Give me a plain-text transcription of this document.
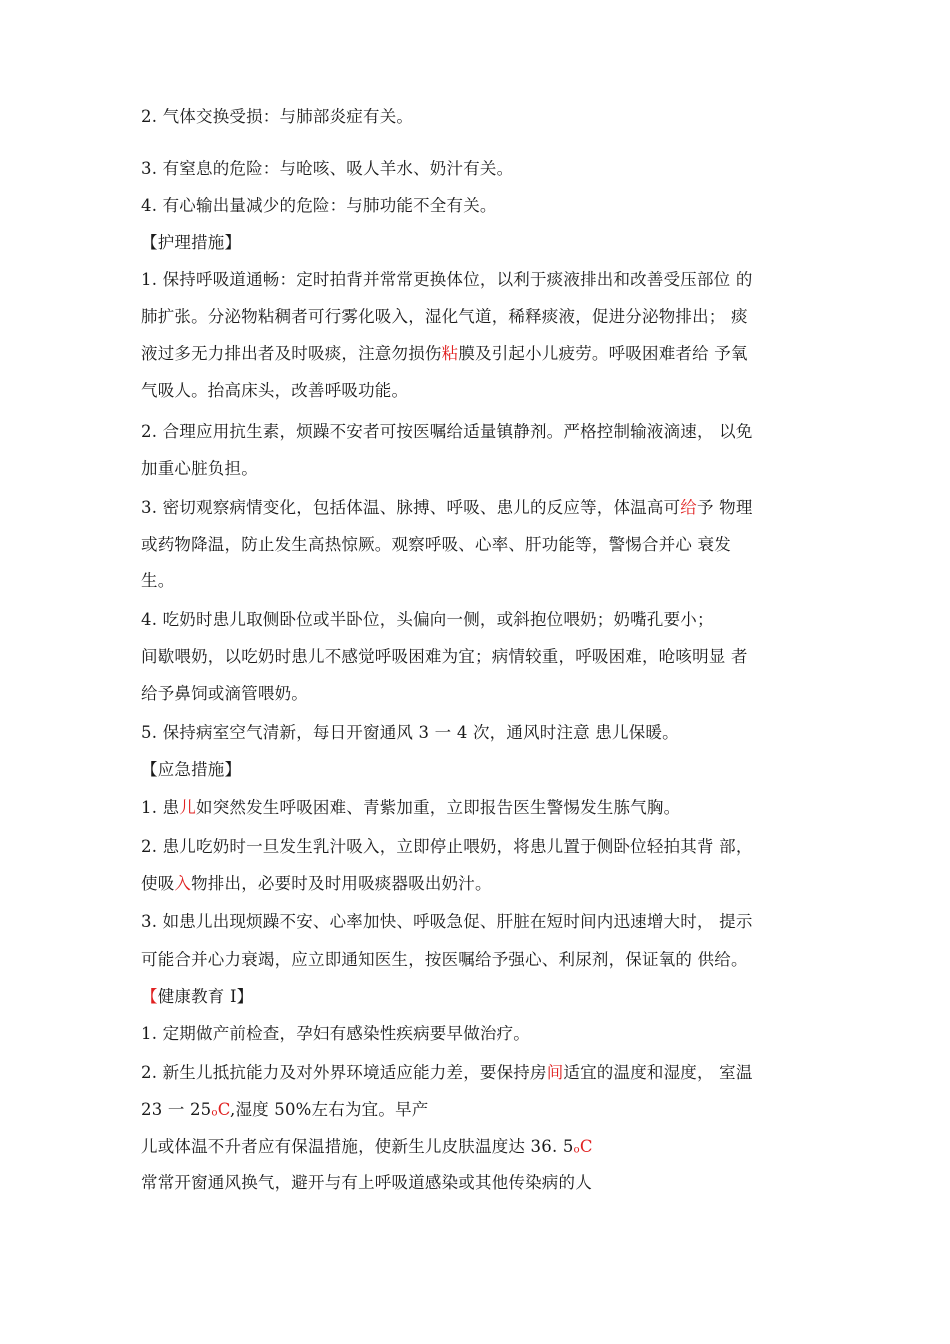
2. 气体交换受损：与肺部炎症有关。
3. 有窒息的危险：与呛咳、吸人羊水、奶汁有关。
4. 有心输出量减少的危险：与肺功能不全有关。
【护理措施】
1. 保持呼吸道通畅：定时拍背并常常更换体位，以利于痰液排出和改善受压部位 的
肺扩张。分泌物粘稠者可行雾化吸入，湿化气道，稀释痰液，促进分泌物排出； 痰
液过多无力排出者及时吸痰，注意勿损伤粘膜及引起小儿疲劳。呼吸困难者给 予氧
气吸人。抬高床头，改善呼吸功能。
2. 合理应用抗生素，烦躁不安者可按医嘱给适量镇静剂。严格控制输液滴速， 以免
加重心脏负担。
3. 密切观察病情变化，包括体温、脉搏、呼吸、患儿的反应等，体温高可给予 物理
或药物降温，防止发生高热惊厥。观察呼吸、心率、肝功能等，警惕合并心 衰发
生。
4. 吃奶时患儿取侧卧位或半卧位，头偏向一侧，或斜抱位喂奶；奶嘴孔要小；
间歇喂奶，以吃奶时患儿不感觉呼吸困难为宜；病情较重，呼吸困难，呛咳明显 者
给予鼻饲或滴管喂奶。
5. 保持病室空气清新，每日开窗通风 3 一 4 次，通风时注意 患儿保暖。
【应急措施】
1. 患儿如突然发生呼吸困难、青紫加重，立即报告医生警惕发生胨气胸。
2. 患儿吃奶时一旦发生乳汁吸入，立即停止喂奶，将患儿置于侧卧位轻拍其背 部，
使吸入物排出，必要时及时用吸痰器吸出奶汁。
3. 如患儿出现烦躁不安、心率加快、呼吸急促、肝脏在短时间内迅速增大时， 提示
可能合并心力衰竭，应立即通知医生，按医嘱给予强心、利尿剂，保证氧的 供给。
【健康教育 I】
1. 定期做产前检查，孕妇有感染性疾病要早做治疗。
2. 新生儿抵抗能力及对外界环境适应能力差，要保持房间适宜的温度和湿度， 室温
23 一 25oC,湿度 50%左右为宜。早产
儿或体温不升者应有保温措施，使新生儿皮肤温度达 36. 5oC
常常开窗通风换气，避开与有上呼吸道感染或其他传染病的人
